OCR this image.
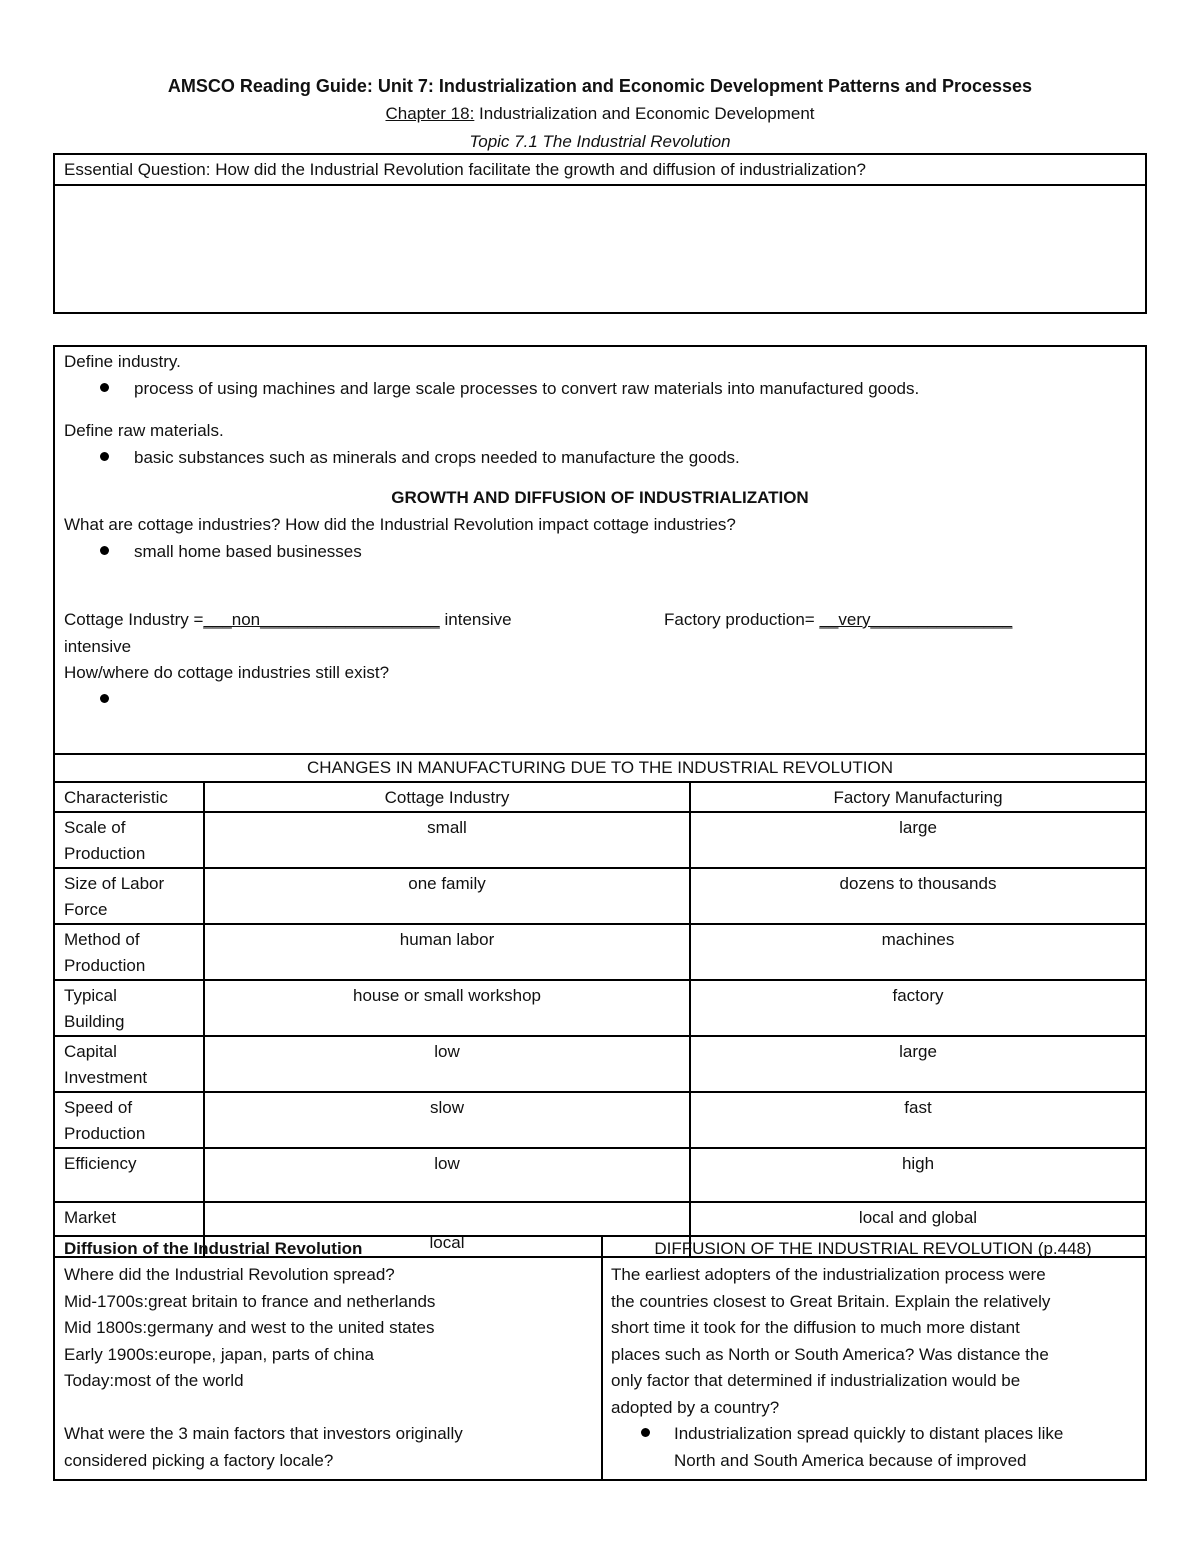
AMSCO Reading Guide: Unit 7: Industrialization and Economic Development Patterns and Processes
Chapter 18: Industrialization and Economic Development
Topic 7.1 The Industrial Revolution
Essential Question: How did the Industrial Revolution facilitate the growth and diffusion of industrialization?
Define industry.
process of using machines and large scale processes to convert raw materials into manufactured goods.
Define raw materials.
basic substances such as minerals and crops needed to manufacture the goods.
GROWTH AND DIFFUSION OF INDUSTRIALIZATION
What are cottage industries? How did the Industrial Revolution impact cottage industries?
small home based businesses
Cottage Industry =___non___________________ intensive	Factory production= __very_______________
intensive
How/where do cottage industries still exist?
CHANGES IN MANUFACTURING DUE TO THE INDUSTRIAL REVOLUTION		
Characteristic	Cottage Industry	Factory Manufacturing
Scale of
Production	small	large
Size of Labor
Force	one family	dozens to thousands
Method of
Production	human labor	machines
Typical
Building	house or small workshop	factory
Capital
Investment	low	large
Speed of
Production	slow	fast
Efficiency	low	high
Market	local	local and global
Diffusion of the Industrial Revolution
Where did the Industrial Revolution spread?
Mid-1700s:great britain to france and netherlands
Mid 1800s:germany and west to the united states
Early 1900s:europe, japan, parts of china
Today:most of the world
What were the 3 main factors that investors originally
considered picking a factory locale?
DIFFUSION OF THE INDUSTRIAL REVOLUTION (p.448)
The earliest adopters of the industrialization process were
the countries closest to Great Britain. Explain the relatively
short time it took for the diffusion to much more distant
places such as North or South America? Was distance the
only factor that determined if industrialization would be
adopted by a country?
Industrialization spread quickly to distant places like
North and South America because of improved
